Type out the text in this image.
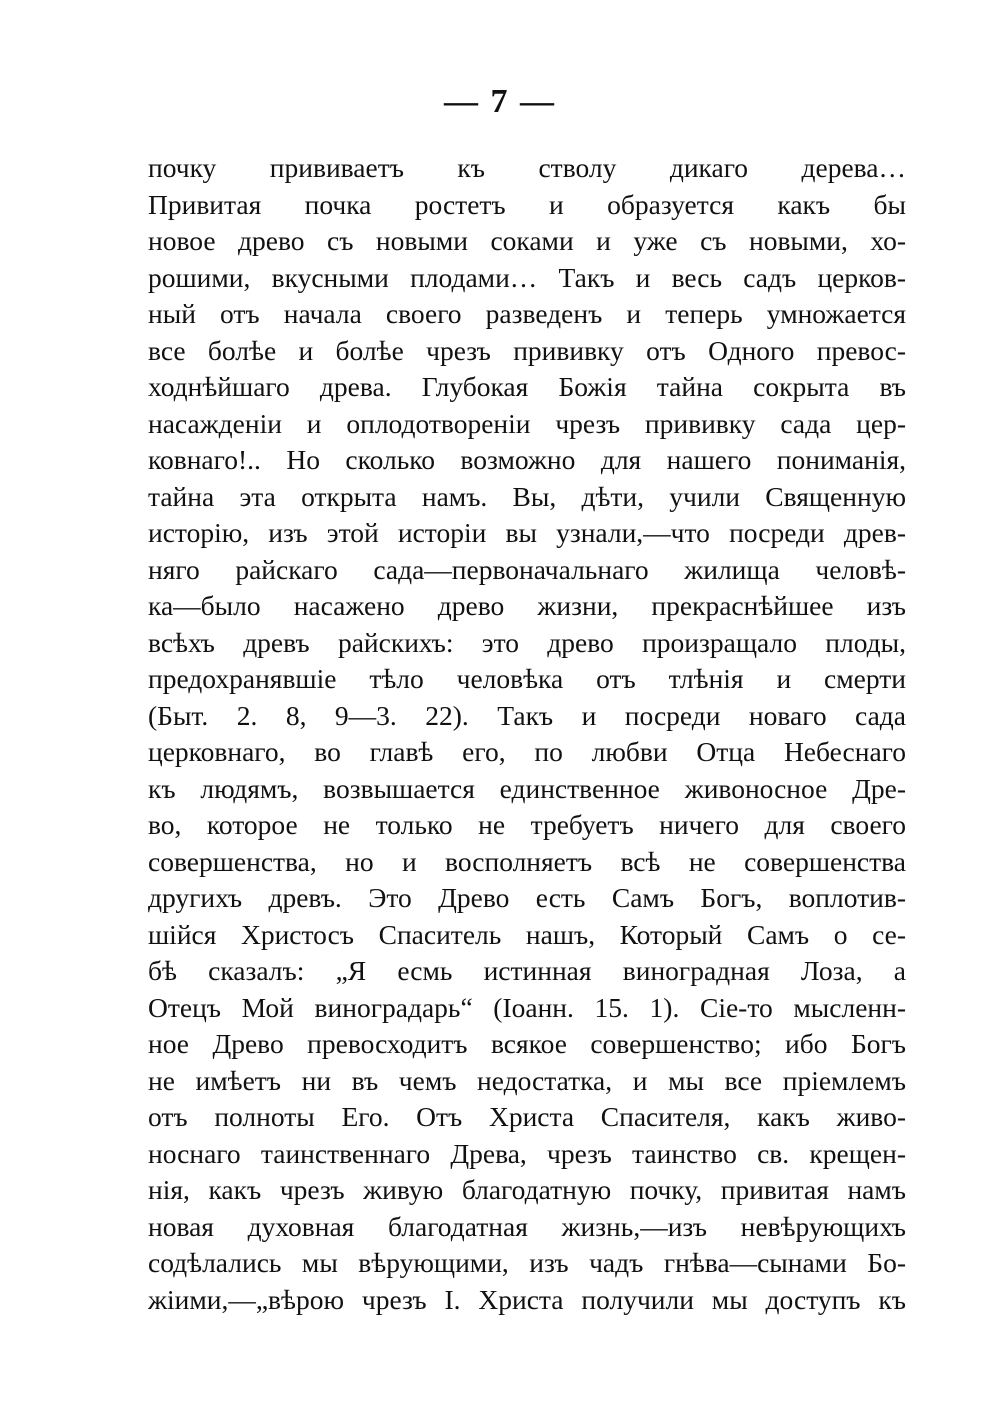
— 7 —
почку прививаетъ къ стволу дикаго дерева…
Привитая почка ростетъ и образуется какъ бы
новое древо съ новыми соками и уже съ новыми, хо-
рошими, вкусными плодами… Такъ и весь садъ церков-
ный отъ начала своего разведенъ и теперь умножается
все болѣе и болѣе чрезъ прививку отъ Одного превос-
ходнѣйшаго древа. Глубокая Божія тайна сокрыта въ
насажденіи и оплодотвореніи чрезъ прививку сада цер-
ковнаго!.. Но сколько возможно для нашего пониманія,
тайна эта открыта намъ. Вы, дѣти, учили Священную
исторію, изъ этой исторіи вы узнали,—что посреди древ-
няго райскаго сада—первоначальнаго жилища человѣ-
ка—было насажено древо жизни, прекраснѣйшее изъ
всѣхъ древъ райскихъ: это древо произращало плоды,
предохранявшіе тѣло человѣка отъ тлѣнія и смерти
(Быт. 2. 8, 9—3. 22). Такъ и посреди новаго сада
церковнаго, во главѣ его, по любви Отца Небеснаго
къ людямъ, возвышается единственное живоносное Дре-
во, которое не только не требуетъ ничего для своего
совершенства, но и восполняетъ всѣ не совершенства
другихъ древъ. Это Древо есть Самъ Богъ, воплотив-
шійся Христосъ Спаситель нашъ, Который Самъ о се-
бѣ сказалъ: „Я есмь истинная виноградная Лоза, а
Отецъ Мой виноградарь“ (Іоанн. 15. 1). Сіе-то мысленн-
ное Древо превосходитъ всякое совершенство; ибо Богъ
не имѣетъ ни въ чемъ недостатка, и мы все пріемлемъ
отъ полноты Его. Отъ Христа Спасителя, какъ живо-
носнаго таинственнаго Древа, чрезъ таинство св. крещен-
нія, какъ чрезъ живую благодатную почку, привитая намъ
новая духовная благодатная жизнь,—изъ невѣрующихъ
содѣлались мы вѣрующими, изъ чадъ гнѣва—сынами Бо-
жіими,—„вѣрою чрезъ І. Христа получили мы доступъ къ
